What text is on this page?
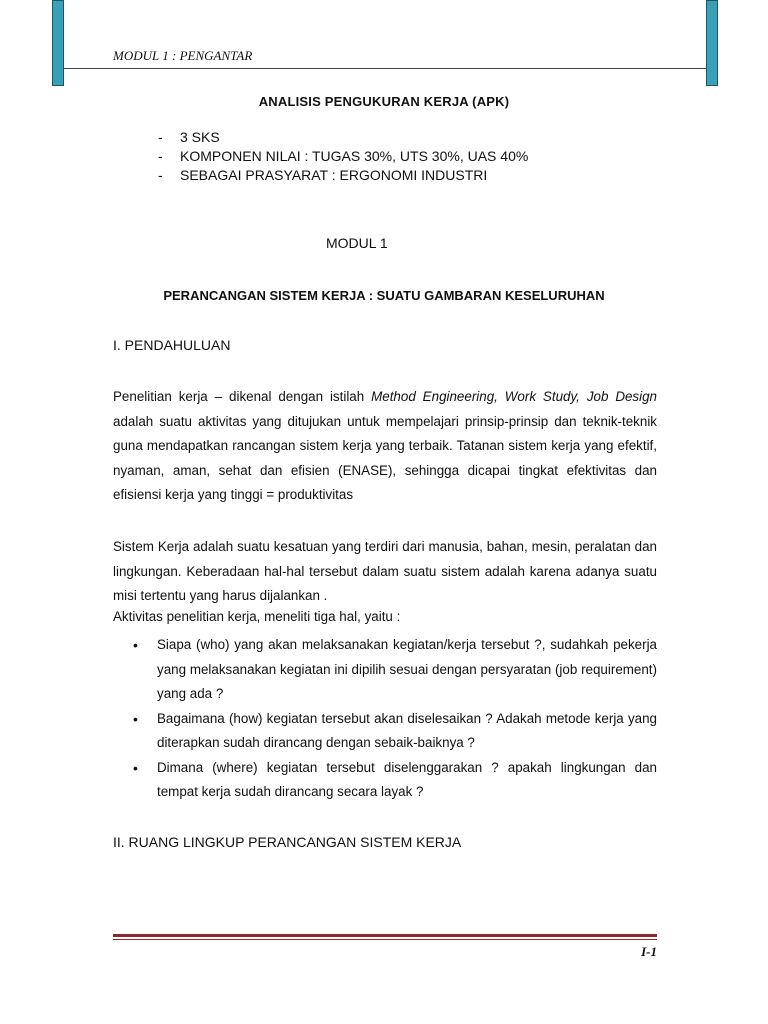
MODUL 1 : PENGANTAR
ANALISIS PENGUKURAN KERJA (APK)
- 3 SKS
- KOMPONEN NILAI : TUGAS 30%, UTS 30%, UAS 40%
- SEBAGAI PRASYARAT : ERGONOMI INDUSTRI
MODUL 1
PERANCANGAN SISTEM KERJA : SUATU GAMBARAN KESELURUHAN
I. PENDAHULUAN
Penelitian kerja – dikenal dengan istilah Method Engineering, Work Study, Job Design adalah suatu aktivitas yang ditujukan untuk mempelajari prinsip-prinsip dan teknik-teknik guna mendapatkan rancangan sistem kerja yang terbaik. Tatanan sistem kerja yang efektif, nyaman, aman, sehat dan efisien (ENASE), sehingga dicapai tingkat efektivitas dan efisiensi kerja yang tinggi = produktivitas
Sistem Kerja adalah suatu kesatuan yang terdiri dari manusia, bahan, mesin, peralatan dan lingkungan. Keberadaan hal-hal tersebut dalam suatu sistem adalah karena adanya suatu misi tertentu yang harus dijalankan .
Aktivitas penelitian kerja, meneliti tiga hal, yaitu :
• Siapa (who) yang akan melaksanakan kegiatan/kerja tersebut ?, sudahkah pekerja yang melaksanakan kegiatan ini dipilih sesuai dengan persyaratan (job requirement) yang ada ?
• Bagaimana (how) kegiatan tersebut akan diselesaikan ? Adakah metode kerja yang diterapkan sudah dirancang dengan sebaik-baiknya ?
• Dimana (where) kegiatan tersebut diselenggarakan ? apakah lingkungan dan tempat kerja sudah dirancang secara layak ?
II. RUANG LINGKUP PERANCANGAN SISTEM KERJA
I-1
